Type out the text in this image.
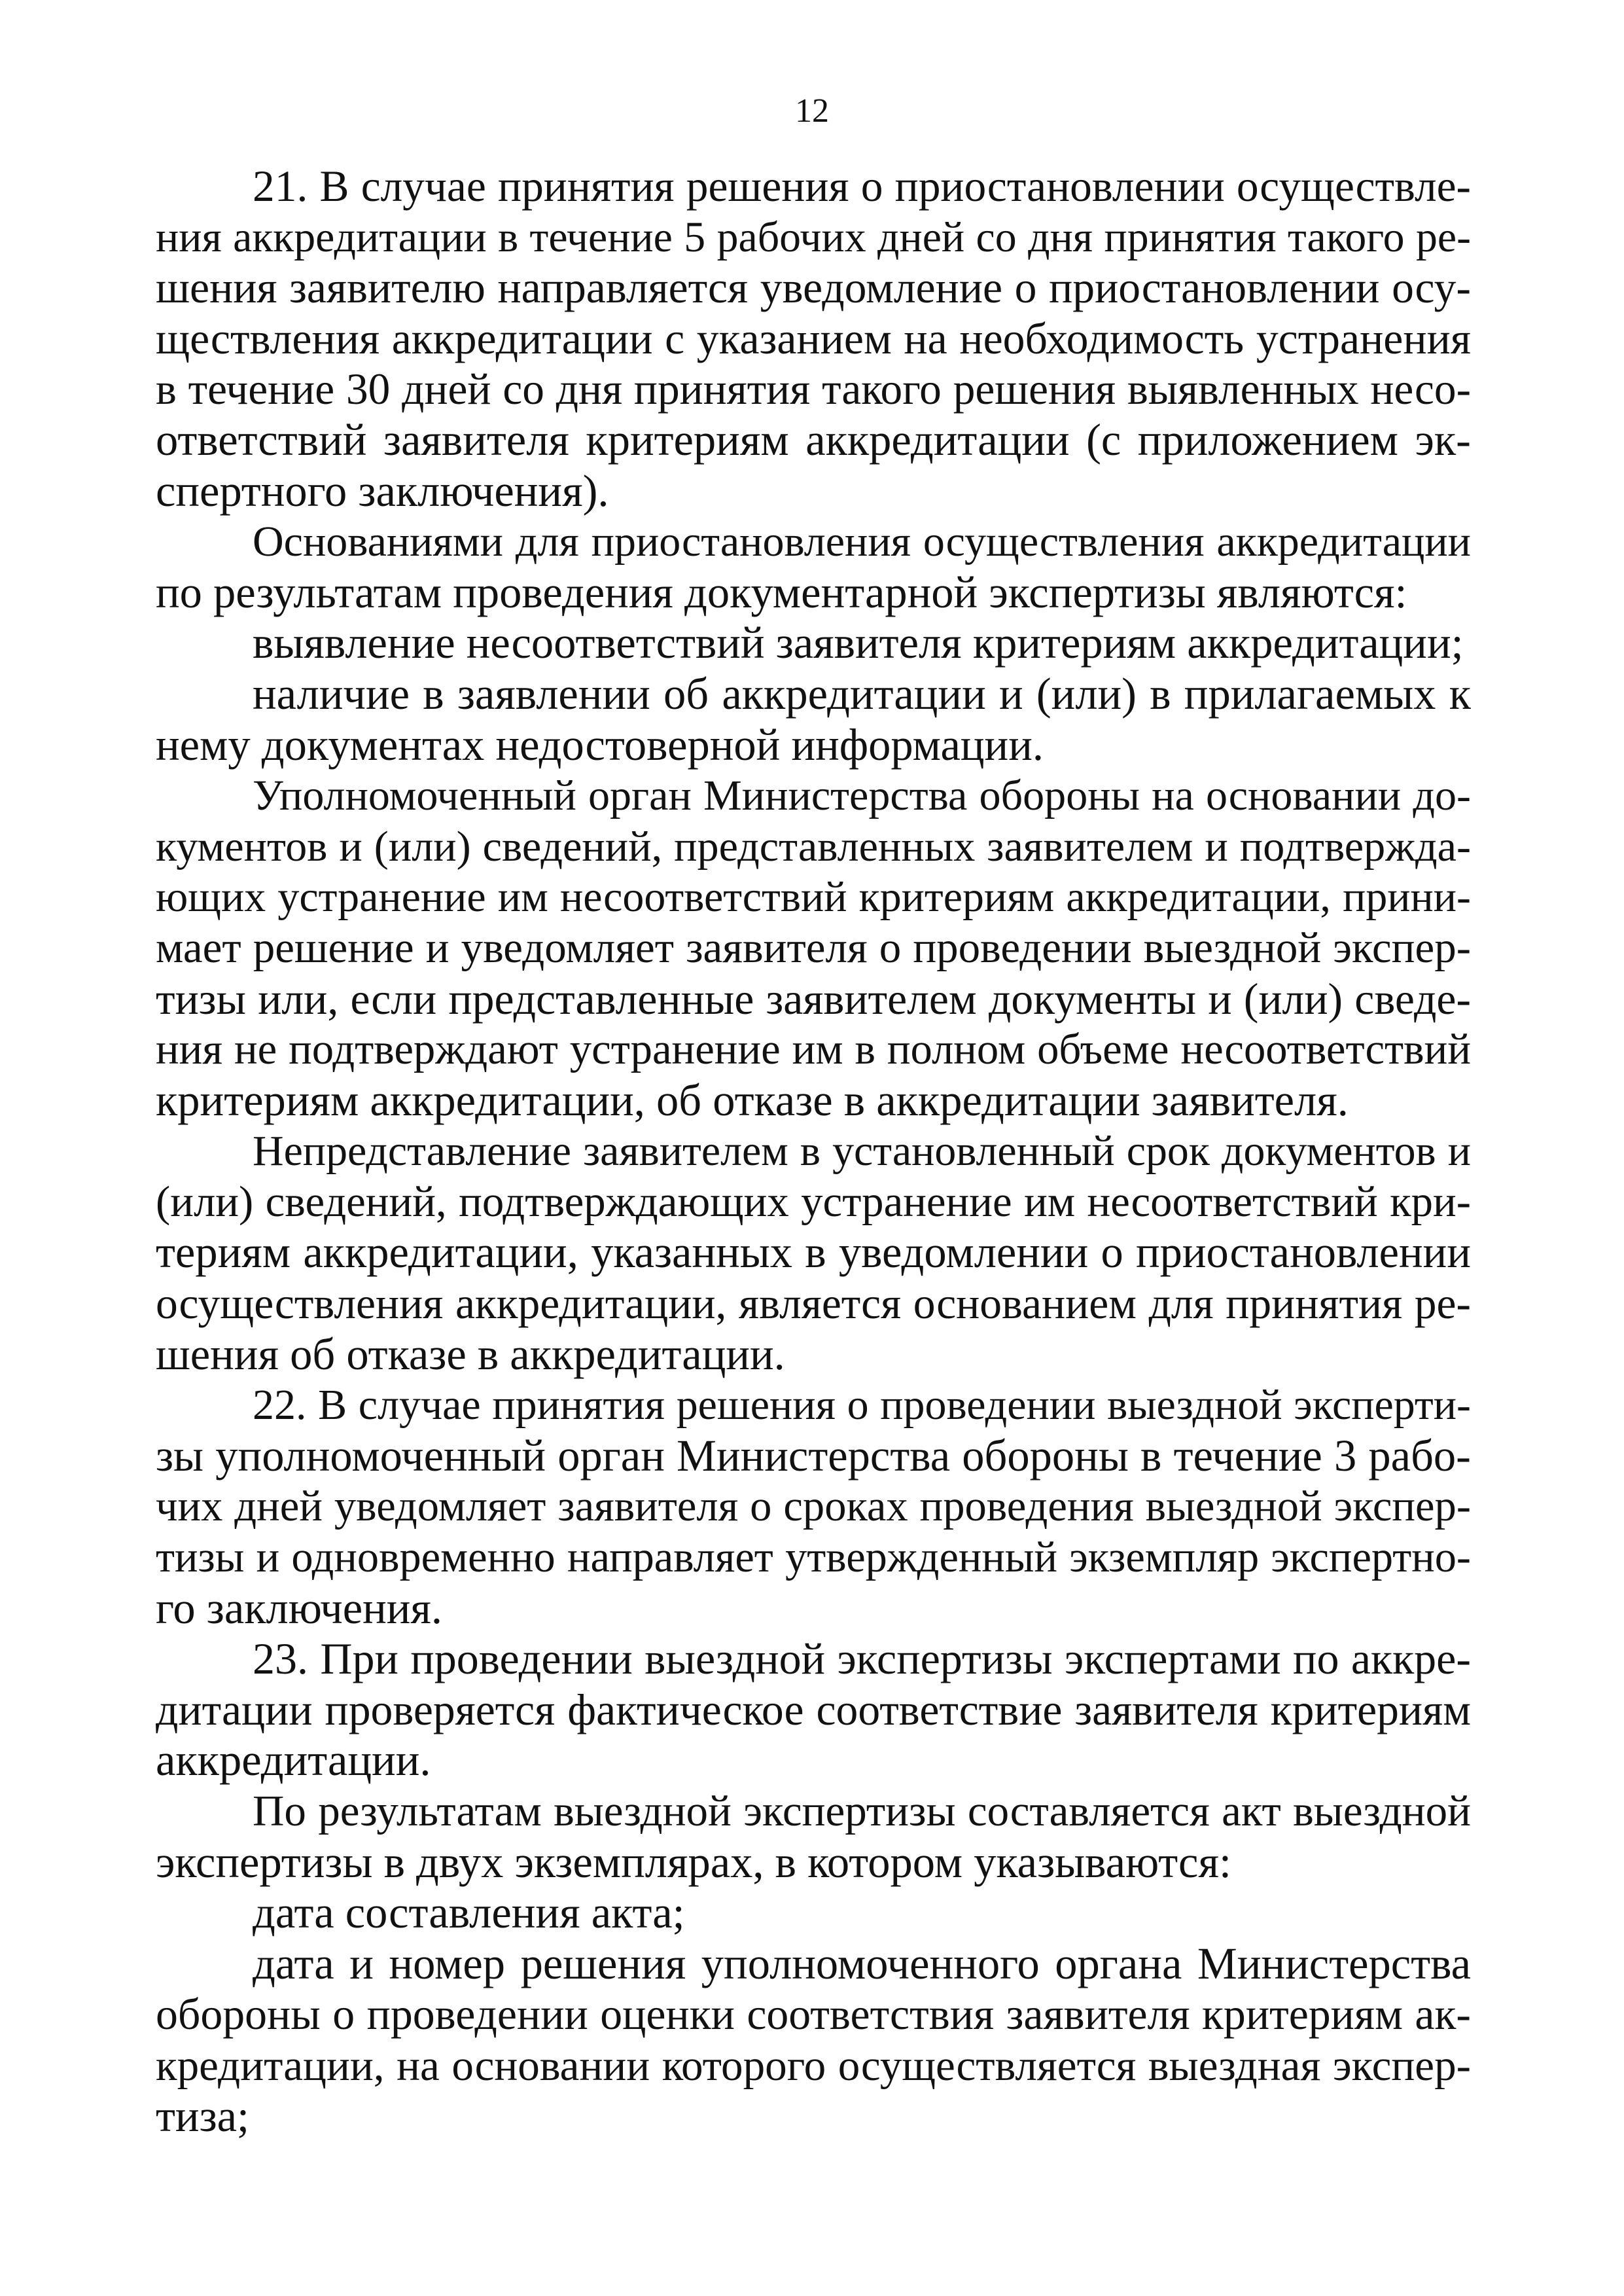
12
21. В случае принятия решения о приостановлении осуществле-
ния аккредитации в течение 5 рабочих дней со дня принятия такого ре-
шения заявителю направляется уведомление о приостановлении осу-
ществления аккредитации с указанием на необходимость устранения
в течение 30 дней со дня принятия такого решения выявленных несо-
ответствий заявителя критериям аккредитации (с приложением эк-
спертного заключения).
Основаниями для приостановления осуществления аккредитации
по результатам проведения документарной экспертизы являются:
выявление несоответствий заявителя критериям аккредитации;
наличие в заявлении об аккредитации и (или) в прилагаемых к
нему документах недостоверной информации.
Уполномоченный орган Министерства обороны на основании до-
кументов и (или) сведений, представленных заявителем и подтвержда-
ющих устранение им несоответствий критериям аккредитации, прини-
мает решение и уведомляет заявителя о проведении выездной экспер-
тизы или, если представленные заявителем документы и (или) сведе-
ния не подтверждают устранение им в полном объеме несоответствий
критериям аккредитации, об отказе в аккредитации заявителя.
Непредставление заявителем в установленный срок документов и
(или) сведений, подтверждающих устранение им несоответствий кри-
териям аккредитации, указанных в уведомлении о приостановлении
осуществления аккредитации, является основанием для принятия ре-
шения об отказе в аккредитации.
22. В случае принятия решения о проведении выездной эксперти-
зы уполномоченный орган Министерства обороны в течение 3 рабо-
чих дней уведомляет заявителя о сроках проведения выездной экспер-
тизы и одновременно направляет утвержденный экземпляр экспертно-
го заключения.
23. При проведении выездной экспертизы экспертами по аккре-
дитации проверяется фактическое соответствие заявителя критериям
аккредитации.
По результатам выездной экспертизы составляется акт выездной
экспертизы в двух экземплярах, в котором указываются:
дата составления акта;
дата и номер решения уполномоченного органа Министерства
обороны о проведении оценки соответствия заявителя критериям ак-
кредитации, на основании которого осуществляется выездная экспер-
тиза;
